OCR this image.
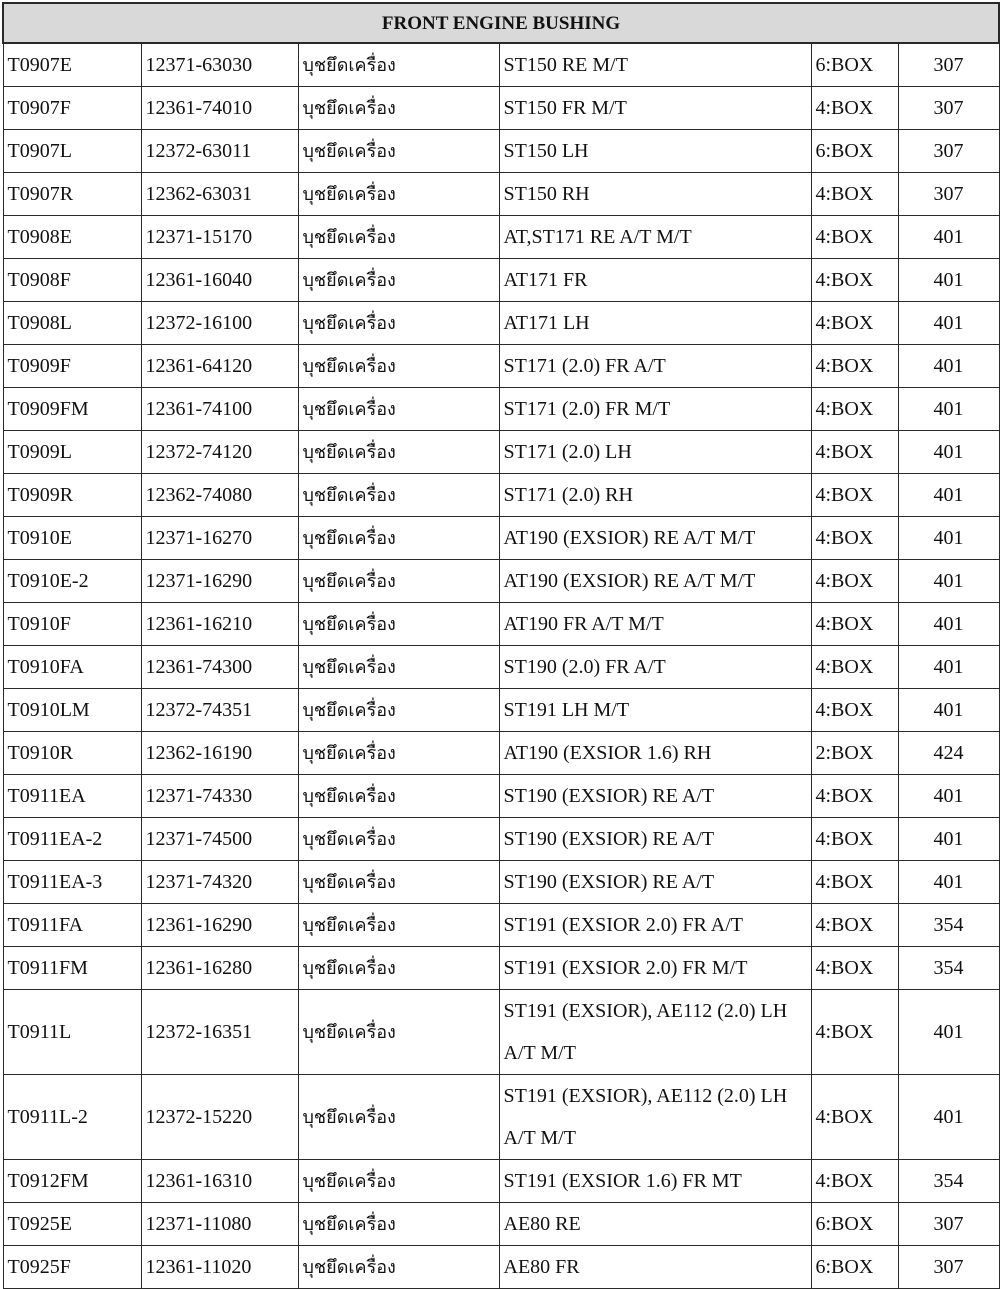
FRONT ENGINE BUSHING					
T0907E	12371-63030	บุชยึดเครื่อง	ST150 RE M/T	6:BOX	307
T0907F	12361-74010	บุชยึดเครื่อง	ST150 FR M/T	4:BOX	307
T0907L	12372-63011	บุชยึดเครื่อง	ST150 LH	6:BOX	307
T0907R	12362-63031	บุชยึดเครื่อง	ST150 RH	4:BOX	307
T0908E	12371-15170	บุชยึดเครื่อง	AT,ST171 RE A/T M/T	4:BOX	401
T0908F	12361-16040	บุชยึดเครื่อง	AT171 FR	4:BOX	401
T0908L	12372-16100	บุชยึดเครื่อง	AT171 LH	4:BOX	401
T0909F	12361-64120	บุชยึดเครื่อง	ST171 (2.0) FR A/T	4:BOX	401
T0909FM	12361-74100	บุชยึดเครื่อง	ST171 (2.0) FR M/T	4:BOX	401
T0909L	12372-74120	บุชยึดเครื่อง	ST171 (2.0) LH	4:BOX	401
T0909R	12362-74080	บุชยึดเครื่อง	ST171 (2.0) RH	4:BOX	401
T0910E	12371-16270	บุชยึดเครื่อง	AT190 (EXSIOR) RE A/T M/T	4:BOX	401
T0910E-2	12371-16290	บุชยึดเครื่อง	AT190 (EXSIOR) RE A/T M/T	4:BOX	401
T0910F	12361-16210	บุชยึดเครื่อง	AT190 FR A/T M/T	4:BOX	401
T0910FA	12361-74300	บุชยึดเครื่อง	ST190 (2.0) FR A/T	4:BOX	401
T0910LM	12372-74351	บุชยึดเครื่อง	ST191 LH M/T	4:BOX	401
T0910R	12362-16190	บุชยึดเครื่อง	AT190 (EXSIOR 1.6) RH	2:BOX	424
T0911EA	12371-74330	บุชยึดเครื่อง	ST190 (EXSIOR) RE A/T	4:BOX	401
T0911EA-2	12371-74500	บุชยึดเครื่อง	ST190 (EXSIOR) RE A/T	4:BOX	401
T0911EA-3	12371-74320	บุชยึดเครื่อง	ST190 (EXSIOR) RE A/T	4:BOX	401
T0911FA	12361-16290	บุชยึดเครื่อง	ST191 (EXSIOR 2.0) FR A/T	4:BOX	354
T0911FM	12361-16280	บุชยึดเครื่อง	ST191 (EXSIOR 2.0) FR M/T	4:BOX	354
T0911L	12372-16351	บุชยึดเครื่อง	ST191 (EXSIOR), AE112 (2.0) LH A/T M/T	4:BOX	401
T0911L-2	12372-15220	บุชยึดเครื่อง	ST191 (EXSIOR), AE112 (2.0) LH A/T M/T	4:BOX	401
T0912FM	12361-16310	บุชยึดเครื่อง	ST191 (EXSIOR 1.6) FR MT	4:BOX	354
T0925E	12371-11080	บุชยึดเครื่อง	AE80 RE	6:BOX	307
T0925F	12361-11020	บุชยึดเครื่อง	AE80 FR	6:BOX	307
